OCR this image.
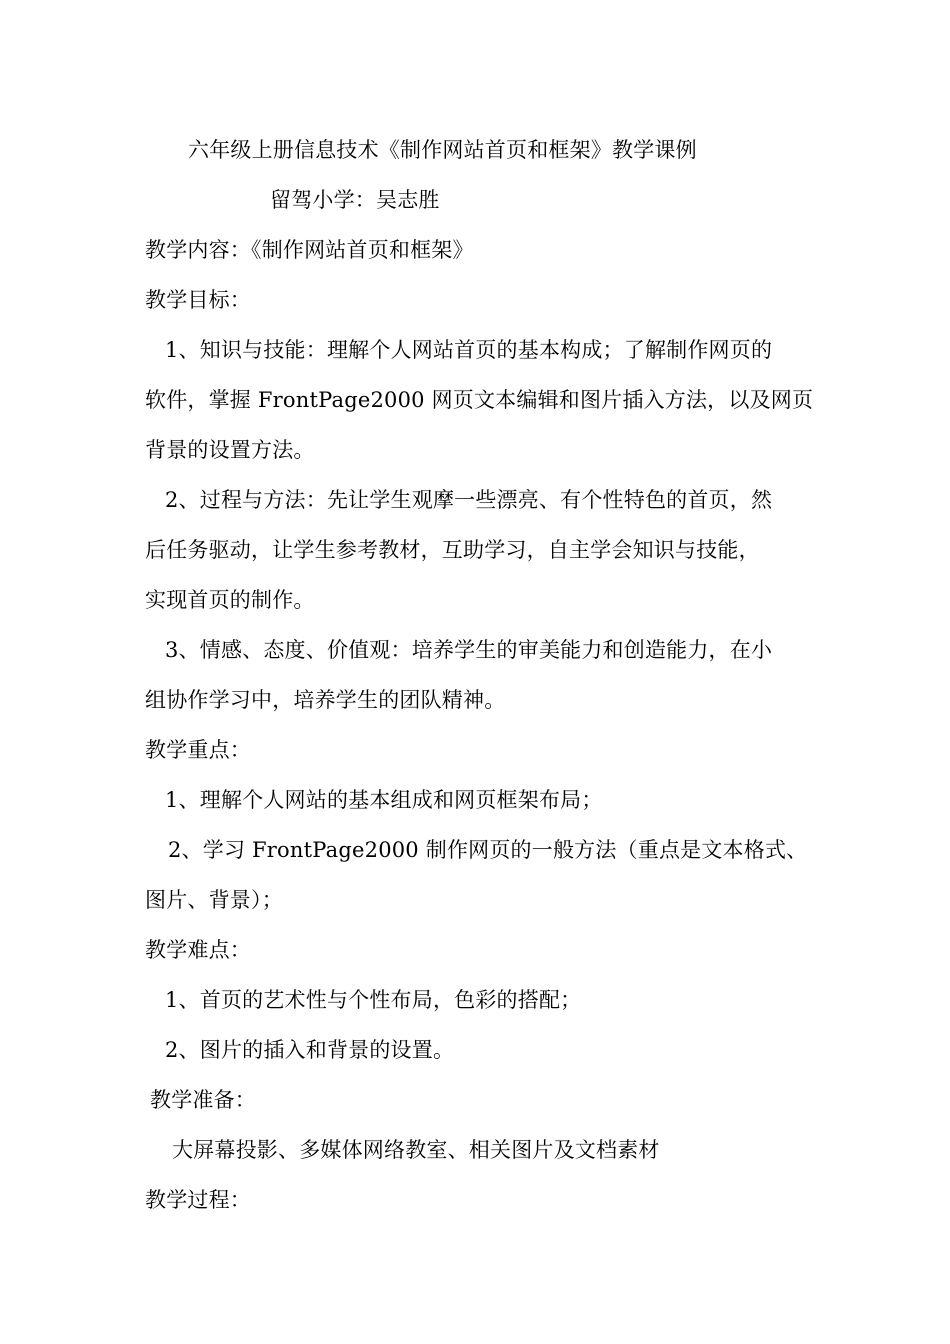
六年级上册信息技术《制作网站首页和框架》教学课例
留驾小学：吴志胜
教学内容：《制作网站首页和框架》
教学目标：
1、知识与技能：理解个人网站首页的基本构成；了解制作网页的
软件，掌握 FrontPage2000 网页文本编辑和图片插入方法，以及网页
背景的设置方法。
2、过程与方法：先让学生观摩一些漂亮、有个性特色的首页，然
后任务驱动，让学生参考教材，互助学习，自主学会知识与技能，
实现首页的制作。
3、情感、态度、价值观：培养学生的审美能力和创造能力，在小
组协作学习中，培养学生的团队精神。
教学重点：
1、理解个人网站的基本组成和网页框架布局；
2、学习 FrontPage2000 制作网页的一般方法（重点是文本格式、
图片、背景）；
教学难点：
1、首页的艺术性与个性布局，色彩的搭配；
2、图片的插入和背景的设置。
教学准备：
大屏幕投影、多媒体网络教室、相关图片及文档素材
教学过程：
